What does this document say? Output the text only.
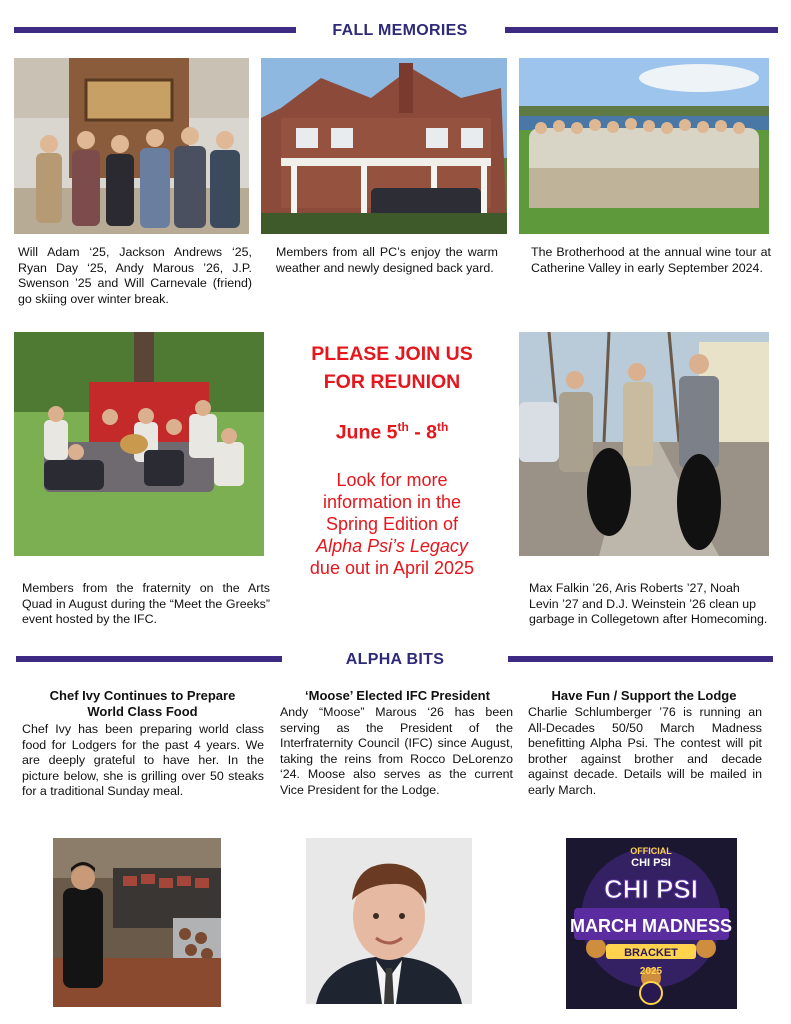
FALL MEMORIES
Will Adam ‘25, Jackson Andrews ‘25, Ryan Day ‘25, Andy Marous ’26, J.P. Swenson ’25 and Will Carnevale (friend) go skiing over winter break.
Members from all PC’s enjoy the warm weather and newly designed back yard.
The Brotherhood at the annual wine tour at Catherine Valley in early September 2024.
PLEASE JOIN US
FOR REUNION
June 5th - 8th
Look for more
information in the
Spring Edition of
Alpha Psi’s Legacy
due out in April 2025
Members from the fraternity on the Arts Quad in August during the “Meet the Greeks” event hosted by the IFC.
Max Falkin ’26, Aris Roberts ’27, Noah Levin ’27 and D.J. Weinstein ’26 clean up garbage in Collegetown after Homecoming.
ALPHA BITS
Chef Ivy Continues to Prepare World Class Food
Chef Ivy has been preparing world class food for Lodgers for the past 4 years. We are deeply grateful to have her. In the picture below, she is grilling over 50 steaks for a traditional Sunday meal.
‘Moose’ Elected IFC President
Andy “Moose” Marous ‘26 has been serving as the President of the Interfraternity Council (IFC) since August, taking the reins from Rocco DeLorenzo ‘24. Moose also serves as the current Vice President for the Lodge.
Have Fun / Support the Lodge
Charlie Schlumberger ’76 is running an All-Decades 50/50 March Madness benefitting Alpha Psi. The contest will pit brother against brother and decade against decade. Details will be mailed in early March.
OFFICIAL
CHI PSI
CHI PSI
MARCH MADNESS
BRACKET
2025
